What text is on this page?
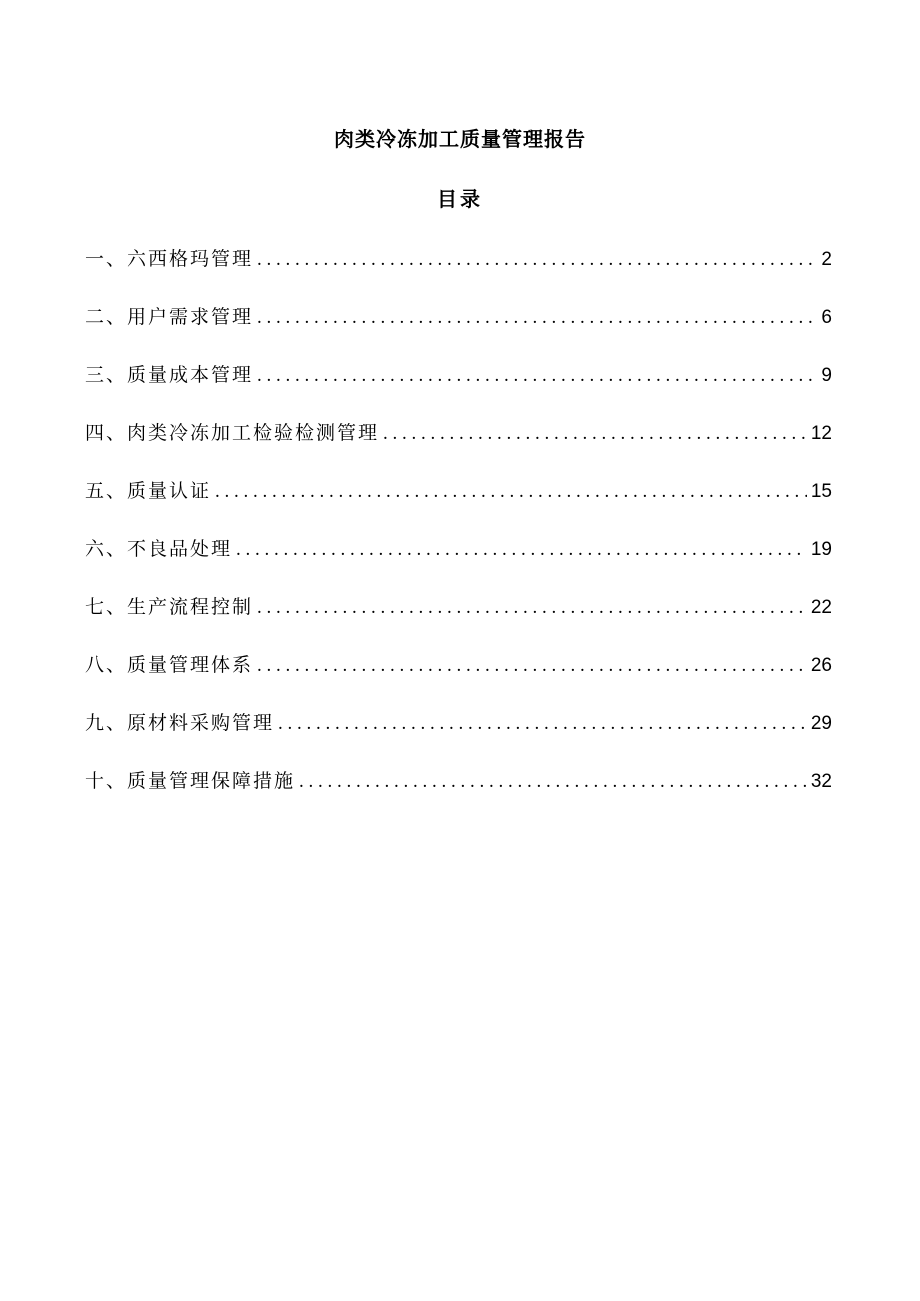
肉类冷冻加工质量管理报告
目录
一、六西格玛管理 . . .	2
二、用户需求管理 . . .	6
三、质量成本管理 . . .	9
四、肉类冷冻加工检验检测管理 . . .	12
五、质量认证 . . .	15
六、不良品处理 . . .	19
七、生产流程控制 . . .	22
八、质量管理体系 . . .	26
九、原材料采购管理 . . .	29
十、质量管理保障措施 . . .	32
